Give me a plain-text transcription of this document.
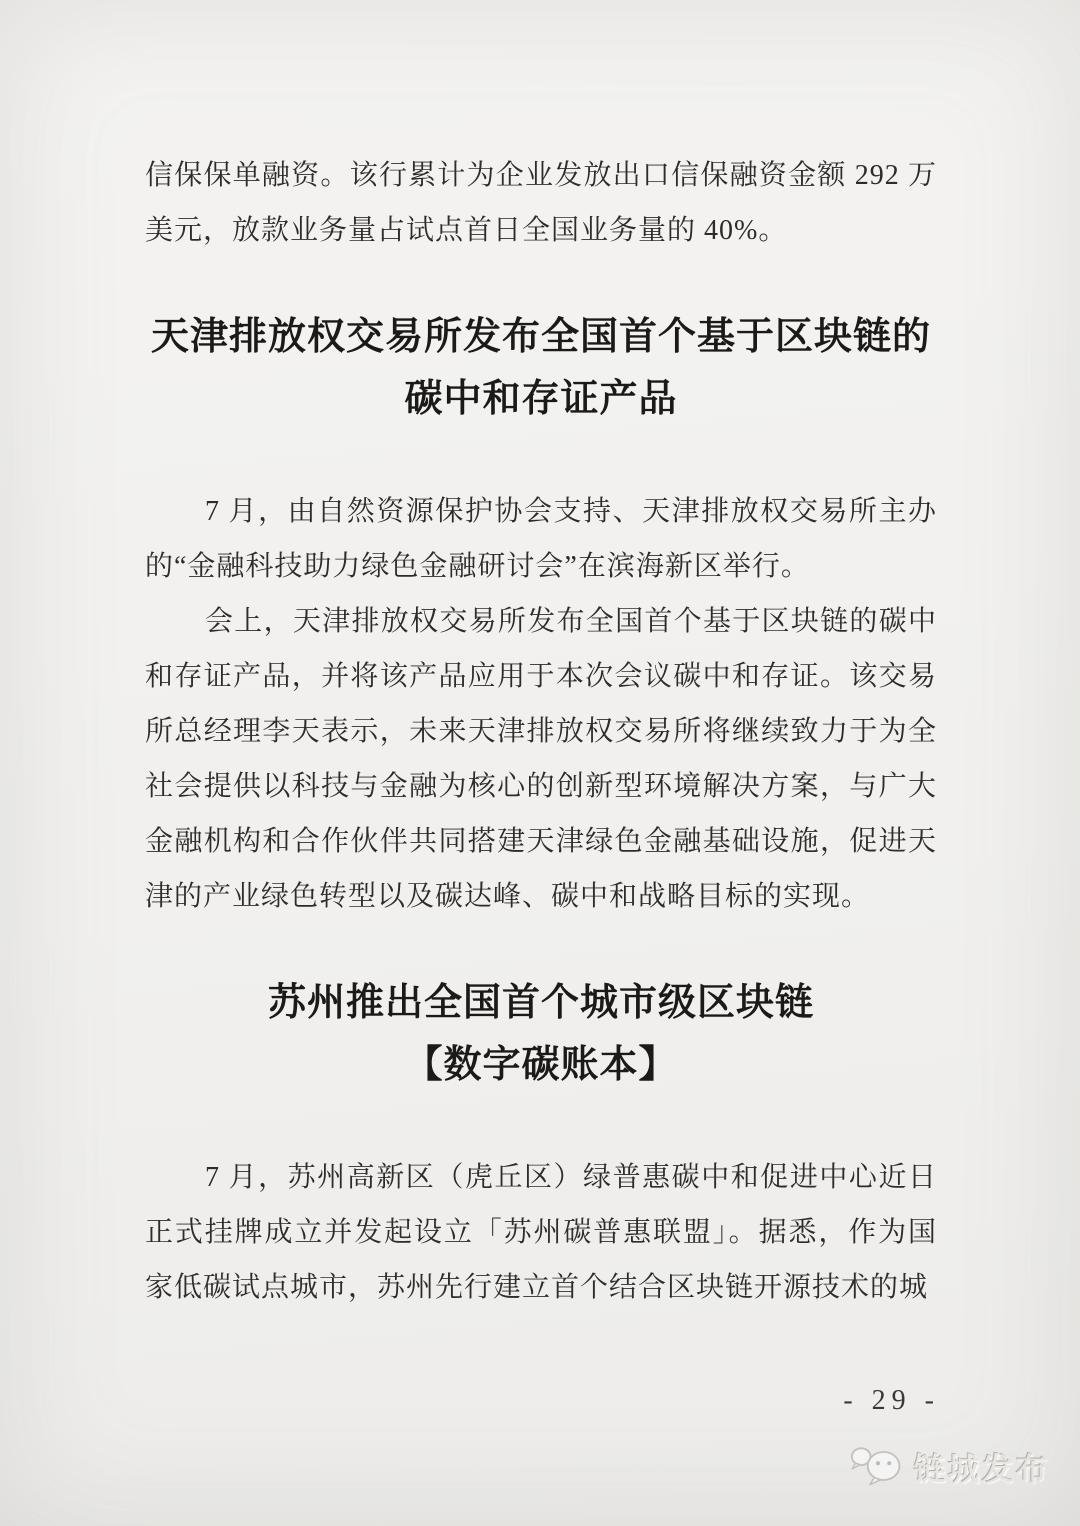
信保保单融资。该行累计为企业发放出口信保融资金额 292 万美元，放款业务量占试点首日全国业务量的 40%。

天津排放权交易所发布全国首个基于区块链的
碳中和存证产品

7 月，由自然资源保护协会支持、天津排放权交易所主办的“金融科技助力绿色金融研讨会”在滨海新区举行。

会上，天津排放权交易所发布全国首个基于区块链的碳中和存证产品，并将该产品应用于本次会议碳中和存证。该交易所总经理李天表示，未来天津排放权交易所将继续致力于为全社会提供以科技与金融为核心的创新型环境解决方案，与广大金融机构和合作伙伴共同搭建天津绿色金融基础设施，促进天津的产业绿色转型以及碳达峰、碳中和战略目标的实现。

苏州推出全国首个城市级区块链
【数字碳账本】

7 月，苏州高新区（虎丘区）绿普惠碳中和促进中心近日正式挂牌成立并发起设立「苏州碳普惠联盟」。据悉，作为国家低碳试点城市，苏州先行建立首个结合区块链开源技术的城

- 29 -
链城发布
